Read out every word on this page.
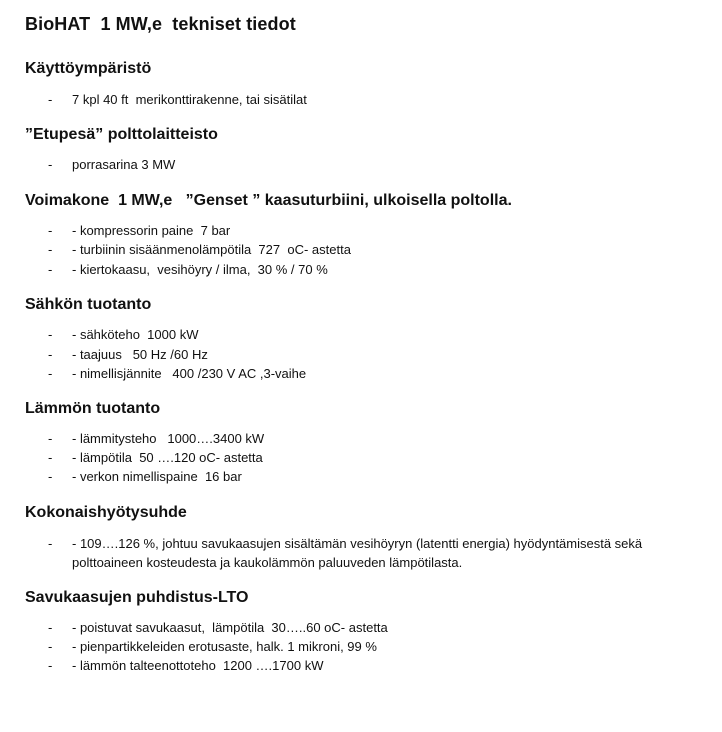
BioHAT  1 MW,e  tekniset tiedot
Käyttöympäristö

-

	7 kpl 40 ft  merikonttirakenne, tai sisätilat

”Etupesä” polttolaitteisto

-

	porrasarina 3 MW

Voimakone  1 MW,e   ”Genset ” kaasuturbiini, ulkoisella poltolla.

-

	- kompressorin paine  7 bar

-

	- turbiinin sisäänmenolämpötila  727  oC- astetta

-

	- kiertokaasu,  vesihöyry / ilma,  30 % / 70 %

Sähkön tuotanto

-

	- sähköteho  1000 kW

-

	- taajuus   50 Hz /60 Hz

-

	- nimellisjännite   400 /230 V AC ,3-vaihe

Lämmön tuotanto

-

	- lämmitysteho   1000….3400 kW

-

	- lämpötila  50 ….120 oC- astetta

-

	- verkon nimellispaine  16 bar

Kokonaishyötysuhde

-

	- 109….126 %, johtuu savukaasujen sisältämän vesihöyryn (latentti energia) hyödyntämisestä sekä polttoaineen kosteudesta ja kaukolämmön paluuveden lämpötilasta.

Savukaasujen puhdistus-LTO

-

	- poistuvat savukaasut,  lämpötila  30…..60 oC- astetta

-

	- pienpartikkeleiden erotusaste, halk. 1 mikroni, 99 %

-

	- lämmön talteenottoteho  1200 ….1700 kW
